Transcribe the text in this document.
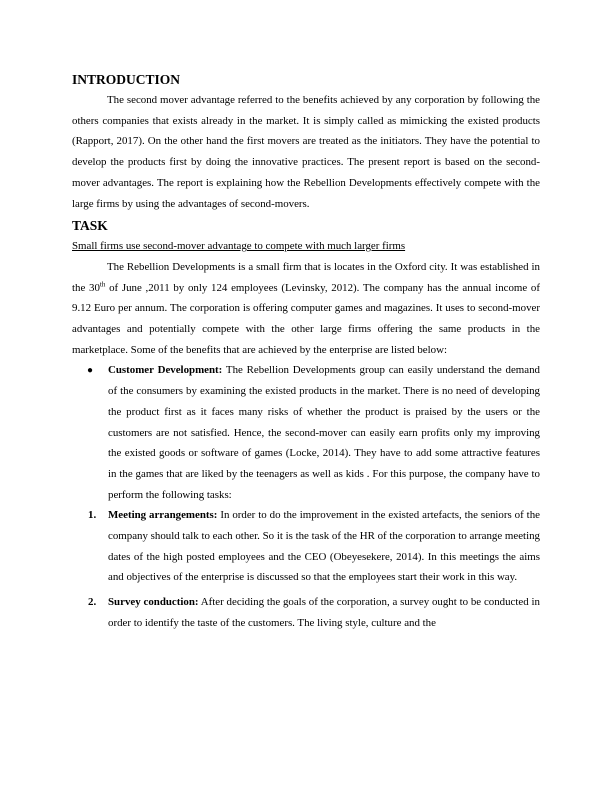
INTRODUCTION

The second mover advantage referred to the benefits achieved by any corporation by following the others companies that exists already in the market. It is simply called as mimicking the existed products (Rapport, 2017). On the other hand the first movers are treated as the initiators. They have the potential to develop the products first by doing the innovative practices. The present report is based on the second-mover advantages. The report is explaining how the Rebellion Developments effectively compete with the large firms by using the advantages of second-movers.

TASK

Small firms use second-mover advantage to compete with much larger firms

The Rebellion Developments is a small firm that is locates in the Oxford city. It was established in the 30th of June ,2011 by only 124 employees (Levinsky, 2012). The company has the annual income of 9.12 Euro per annum. The corporation is offering computer games and magazines. It uses to second-mover advantages and potentially compete with the other large firms offering the same products in the marketplace. Some of the benefits that are achieved by the enterprise are listed below:

● Customer Development: The Rebellion Developments group can easily understand the demand of the consumers by examining the existed products in the market. There is no need of developing the product first as it faces many risks of whether the product is praised by the users or the customers are not satisfied. Hence, the second-mover can easily earn profits only my improving the existed goods or software of games (Locke, 2014). They have to add some attractive features in the games that are liked by the teenagers as well as kids . For this purpose, the company have to perform the following tasks:
1. Meeting arrangements: In order to do the improvement in the existed artefacts, the seniors of the company should talk to each other. So it is the task of the HR of the corporation to arrange meeting dates of the high posted employees and the CEO (Obeyesekere, 2014). In this meetings the aims and objectives of the enterprise is discussed so that the employees start their work in this way.
2. Survey conduction: After deciding the goals of the corporation, a survey ought to be conducted in order to identify the taste of the customers. The living style, culture and the
